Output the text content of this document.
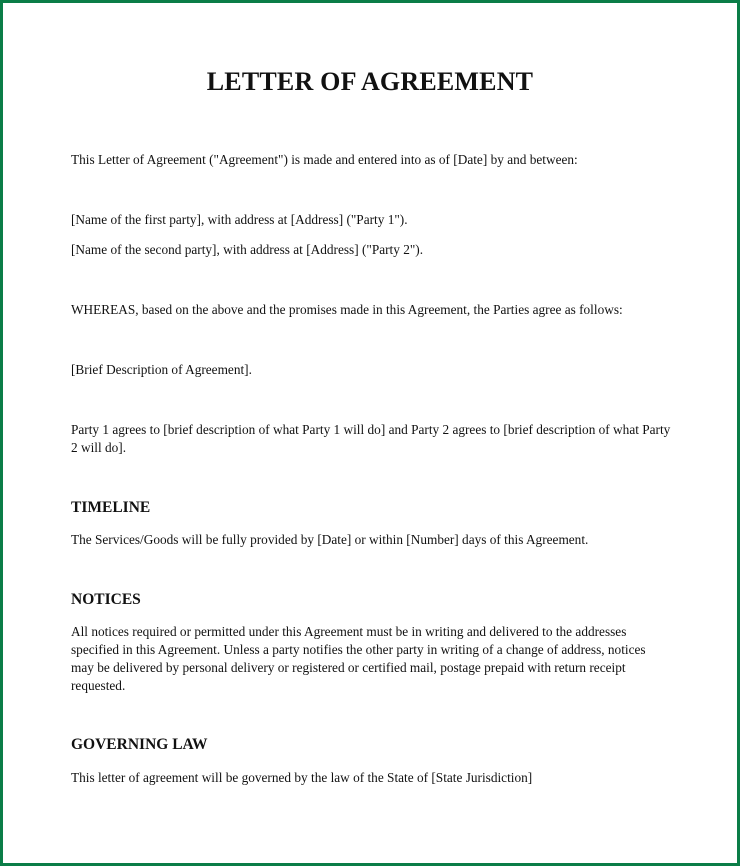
LETTER OF AGREEMENT

This Letter of Agreement ("Agreement") is made and entered into as of [Date] by and between:

[Name of the first party], with address at [Address] ("Party 1").

[Name of the second party], with address at [Address] ("Party 2").

WHEREAS, based on the above and the promises made in this Agreement, the Parties agree as follows:

[Brief Description of Agreement].

Party 1 agrees to [brief description of what Party 1 will do] and Party 2 agrees to [brief description of what Party 2 will do].

TIMELINE

The Services/Goods will be fully provided by [Date] or within [Number] days of this Agreement.

NOTICES

All notices required or permitted under this Agreement must be in writing and delivered to the addresses specified in this Agreement. Unless a party notifies the other party in writing of a change of address, notices may be delivered by personal delivery or registered or certified mail, postage prepaid with return receipt requested.

GOVERNING LAW

This letter of agreement will be governed by the law of the State of [State Jurisdiction]
